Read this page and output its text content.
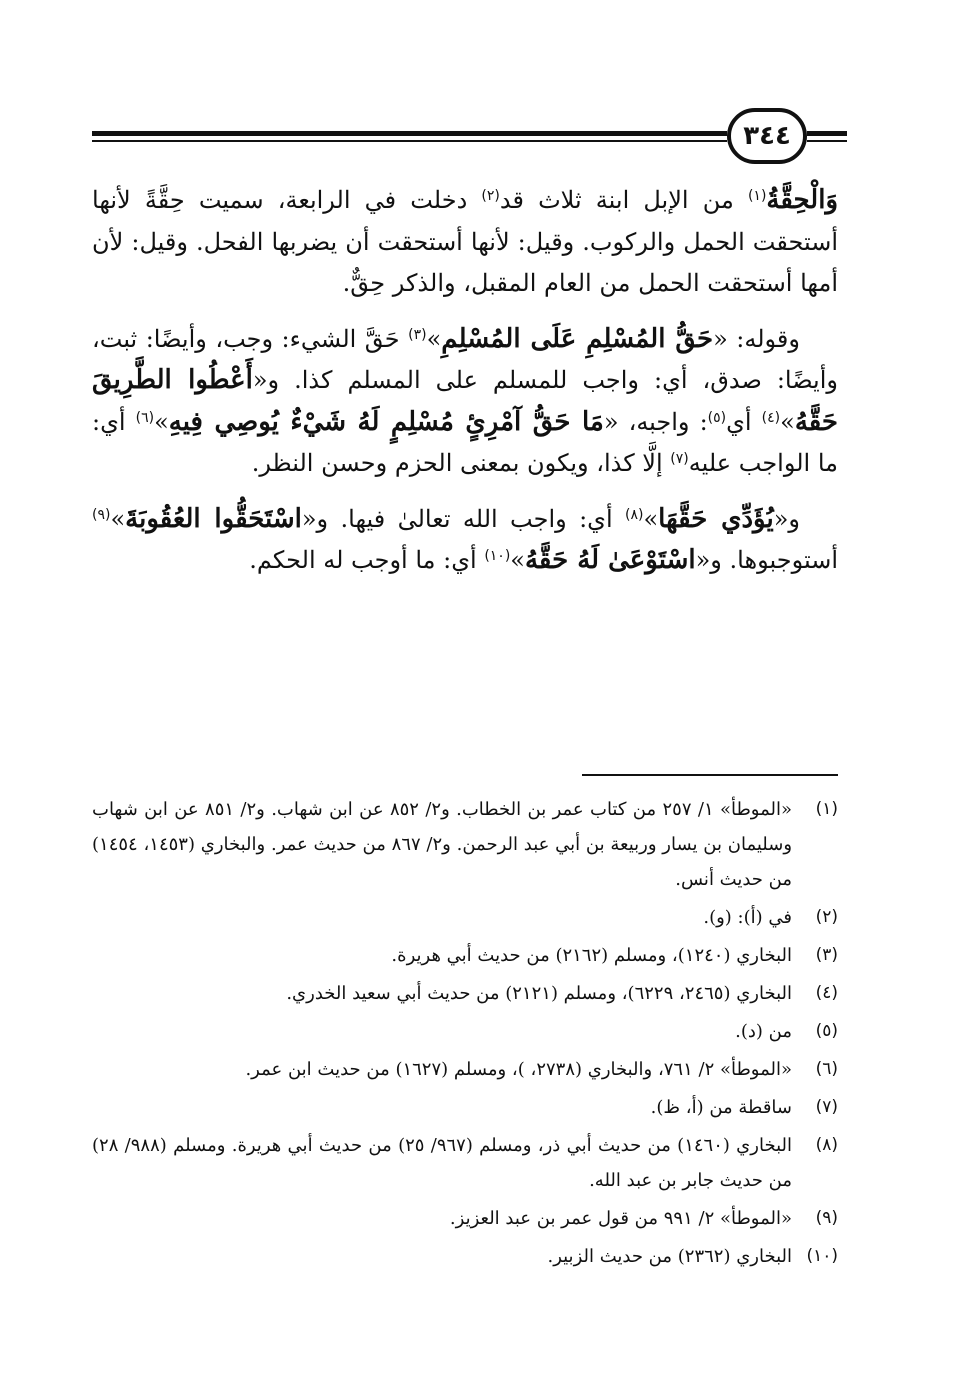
٣٤٤

وَالْحِقَّةُ$^{(١)}$ من الإبل ابنة ثلاث قد$^{(٢)}$ دخلت في الرابعة، سميت حِقَّةً لأنها أستحقت الحمل والركوب. وقيل: لأنها أستحقت أن يضربها الفحل. وقيل: لأن أمها أستحقت الحمل من العام المقبل، والذكر حِقٌّ.

وقوله: «حَقُّ المُسْلِمِ عَلَى المُسْلِمِ»$^{(٣)}$ حَقَّ الشيء: وجب، وأيضًا: ثبت، وأيضًا: صدق، أي: واجب للمسلم على المسلم كذا. و«أَعْطُوا الطَّرِيقَ حَقَّهُ»$^{(٤)}$ أي$^{(٥)}$: واجبه، «مَا حَقُّ آمْرِئٍ مُسْلِمٍ لَهُ شَيْءٌ يُوصِي فِيهِ»$^{(٦)}$ أي: ما الواجب عليه$^{(٧)}$ إلَّا كذا، ويكون بمعنى الحزم وحسن النظر.

و«يُؤَدِّي حَقَّهَا»$^{(٨)}$ أي: واجب الله تعالىٰ فيها. و«اسْتَحَقُّوا العُقُوبَةَ»$^{(٩)}$ أستوجبوها. و«اسْتَوْعَىٰ لَهُ حَقَّهُ»$^{(١٠)}$ أي: ما أوجب له الحكم.

(١)
«الموطأ» ١/ ٢٥٧ من كتاب عمر بن الخطاب. و٢/ ٨٥٢ عن ابن شهاب. و٢/ ٨٥١ عن ابن شهاب وسليمان بن يسار وربيعة بن أبي عبد الرحمن. و٢/ ٨٦٧ من حديث عمر. والبخاري (١٤٥٣، ١٤٥٤) من حديث أنس.
(٢)
في (أ): (و).
(٣)
البخاري (١٢٤٠)، ومسلم (٢١٦٢) من حديث أبي هريرة.
(٤)
البخاري (٢٤٦٥، ٦٢٢٩)، ومسلم (٢١٢١) من حديث أبي سعيد الخدري.
(٥)
من (د).
(٦)
«الموطأ» ٢/ ٧٦١، والبخاري (٢٧٣٨، )، ومسلم (١٦٢٧) من حديث ابن عمر.
(٧)
ساقطة من (أ، ظ).
(٨)
البخاري (١٤٦٠) من حديث أبي ذر، ومسلم (٩٦٧/ ٢٥) من حديث أبي هريرة. ومسلم (٩٨٨/ ٢٨) من حديث جابر بن عبد الله.
(٩)
«الموطأ» ٢/ ٩٩١ من قول عمر بن عبد العزيز.
(١٠)
البخاري (٢٣٦٢) من حديث الزبير.
